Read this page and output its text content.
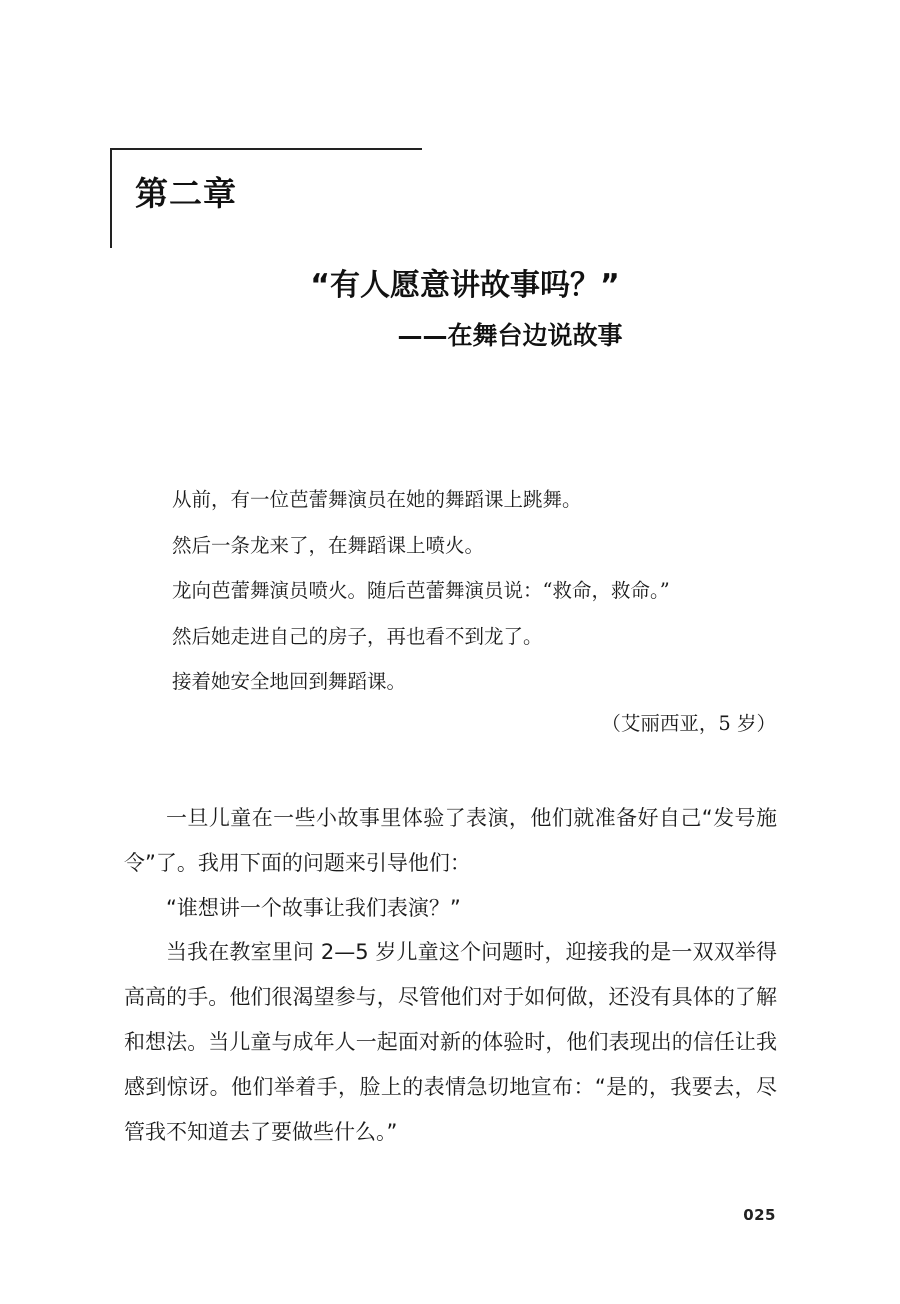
第二章
“有人愿意讲故事吗？”
——在舞台边说故事
从前，有一位芭蕾舞演员在她的舞蹈课上跳舞。
然后一条龙来了，在舞蹈课上喷火。
龙向芭蕾舞演员喷火。随后芭蕾舞演员说：“救命，救命。”
然后她走进自己的房子，再也看不到龙了。
接着她安全地回到舞蹈课。
（艾丽西亚，5 岁）

一旦儿童在一些小故事里体验了表演，他们就准备好自己“发号施令”了。我用下面的问题来引导他们：

“谁想讲一个故事让我们表演？”

当我在教室里问 2—5 岁儿童这个问题时，迎接我的是一双双举得高高的手。他们很渴望参与，尽管他们对于如何做，还没有具体的了解和想法。当儿童与成年人一起面对新的体验时，他们表现出的信任让我感到惊讶。他们举着手，脸上的表情急切地宣布：“是的，我要去，尽管我不知道去了要做些什么。”

025
